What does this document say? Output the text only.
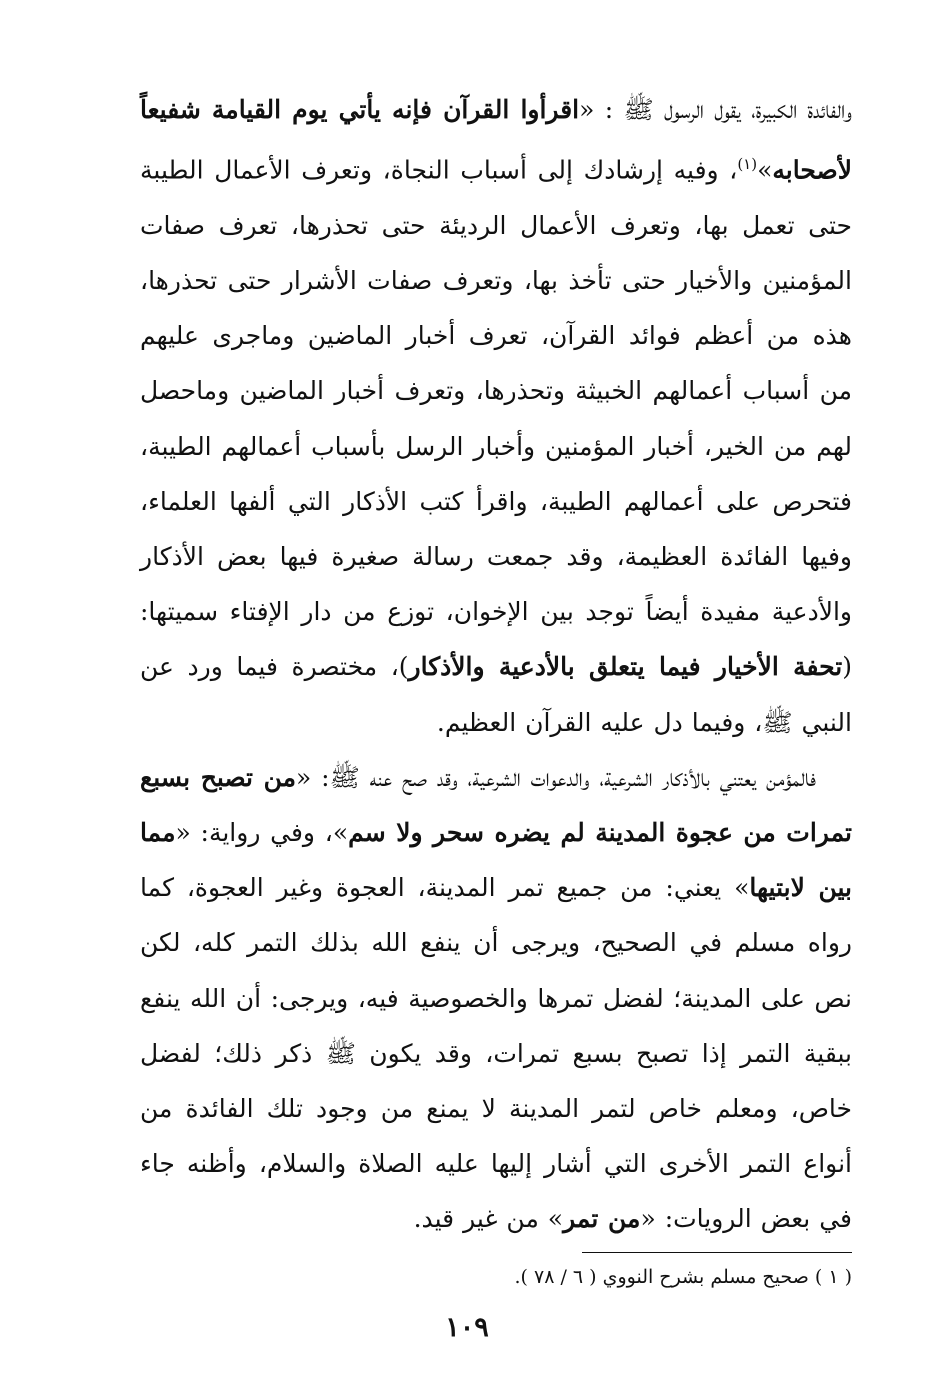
والفائدة الكبيرة، يقول الرسول ﷺ : «اقرأوا القرآن فإنه يأتي يوم القيامة شفيعاً لأصحابه»$^{(١)}$، وفيه إرشادك إلى أسباب النجاة، وتعرف الأعمال الطيبة حتى تعمل بها، وتعرف الأعمال الرديئة حتى تحذرها، تعرف صفات المؤمنين والأخيار حتى تأخذ بها، وتعرف صفات الأشرار حتى تحذرها، هذه من أعظم فوائد القرآن، تعرف أخبار الماضين وماجرى عليهم من أسباب أعمالهم الخبيثة وتحذرها، وتعرف أخبار الماضين وماحصل لهم من الخير، أخبار المؤمنين وأخبار الرسل بأسباب أعمالهم الطيبة، فتحرص على أعمالهم الطيبة، واقرأ كتب الأذكار التي ألفها العلماء، وفيها الفائدة العظيمة، وقد جمعت رسالة صغيرة فيها بعض الأذكار والأدعية مفيدة أيضاً توجد بين الإخوان، توزع من دار الإفتاء سميتها: (تحفة الأخيار فيما يتعلق بالأدعية والأذكار)، مختصرة فيما ورد عن النبي ﷺ، وفيما دل عليه القرآن العظيم.

فالمؤمن يعتني بالأذكار الشرعية، والدعوات الشرعية، وقد صح عنه ﷺ: «من تصبح بسبع تمرات من عجوة المدينة لم يضره سحر ولا سم»، وفي رواية: «مما بين لابتيها» يعني: من جميع تمر المدينة، العجوة وغير العجوة، كما رواه مسلم في الصحيح، ويرجى أن ينفع الله بذلك التمر كله، لكن نص على المدينة؛ لفضل تمرها والخصوصية فيه، ويرجى: أن الله ينفع ببقية التمر إذا تصبح بسبع تمرات، وقد يكون ﷺ ذكر ذلك؛ لفضل خاص، ومعلم خاص لتمر المدينة لا يمنع من وجود تلك الفائدة من أنواع التمر الأخرى التي أشار إليها عليه الصلاة والسلام، وأظنه جاء في بعض الرويات: «من تمر» من غير قيد.

( ١ ) صحيح مسلم بشرح النووي ( ٦ / ٧٨ ).
١٠٩
